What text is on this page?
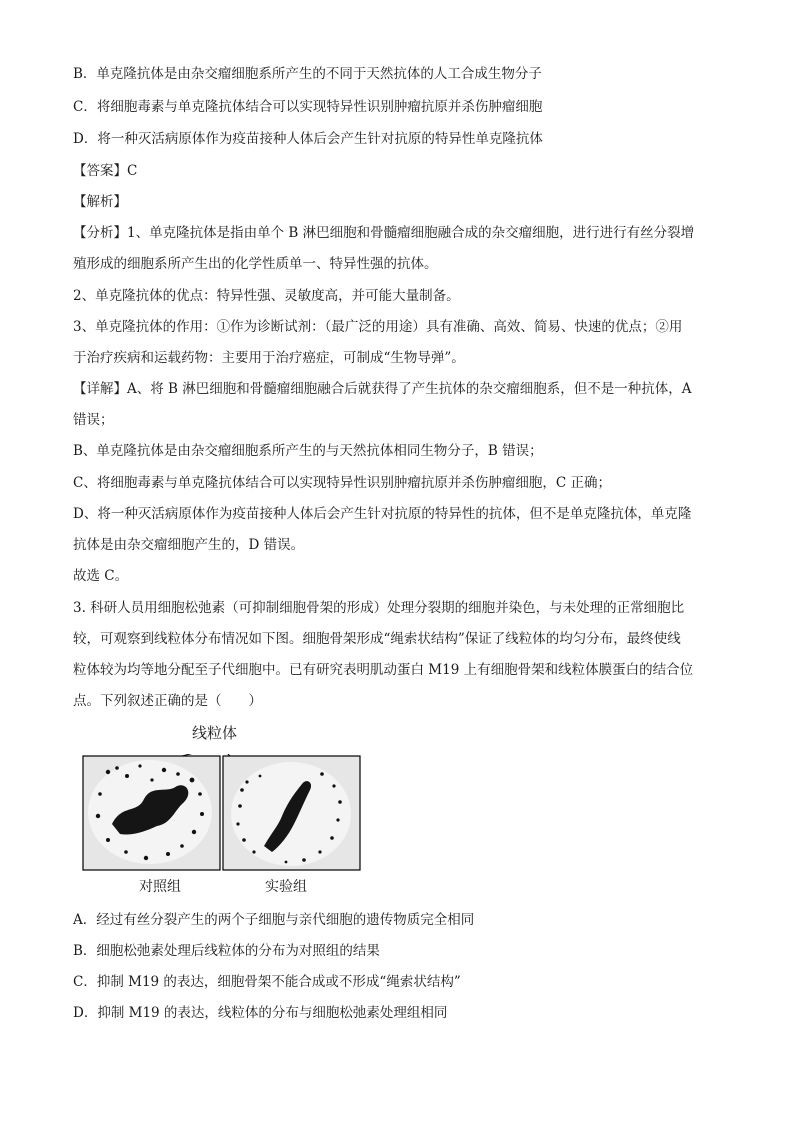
B．单克隆抗体是由杂交瘤细胞系所产生的不同于天然抗体的人工合成生物分子
C．将细胞毒素与单克隆抗体结合可以实现特异性识别肿瘤抗原并杀伤肿瘤细胞
D．将一种灭活病原体作为疫苗接种人体后会产生针对抗原的特异性单克隆抗体
【答案】C
【解析】
【分析】1、单克隆抗体是指由单个 B 淋巴细胞和骨髓瘤细胞融合成的杂交瘤细胞，进行进行有丝分裂增
殖形成的细胞系所产生出的化学性质单一、特异性强的抗体。
2、单克隆抗体的优点：特异性强、灵敏度高，并可能大量制备。
3、单克隆抗体的作用：①作为诊断试剂：（最广泛的用途）具有准确、高效、简易、快速的优点；②用
于治疗疾病和运载药物：主要用于治疗癌症，可制成“生物导弹”。
【详解】A、将 B 淋巴细胞和骨髓瘤细胞融合后就获得了产生抗体的杂交瘤细胞系，但不是一种抗体，A
错误；
B、单克隆抗体是由杂交瘤细胞系所产生的与天然抗体相同生物分子，B 错误；
C、将细胞毒素与单克隆抗体结合可以实现特异性识别肿瘤抗原并杀伤肿瘤细胞，C 正确；
D、将一种灭活病原体作为疫苗接种人体后会产生针对抗原的特异性的抗体，但不是单克隆抗体，单克隆
抗体是由杂交瘤细胞产生的，D 错误。
故选 C。
3. 科研人员用细胞松弛素（可抑制细胞骨架的形成）处理分裂期的细胞并染色，与未处理的正常细胞比
较，可观察到线粒体分布情况如下图。细胞骨架形成“绳索状结构”保证了线粒体的均匀分布，最终使线
粒体较为均等地分配至子代细胞中。已有研究表明肌动蛋白 M19 上有细胞骨架和线粒体膜蛋白的结合位
点。下列叙述正确的是（　　）
线粒体
对照组	实验组
A．经过有丝分裂产生的两个子细胞与亲代细胞的遗传物质完全相同
B．细胞松弛素处理后线粒体的分布为对照组的结果
C．抑制 M19 的表达，细胞骨架不能合成或不形成“绳索状结构”
D．抑制 M19 的表达，线粒体的分布与细胞松弛素处理组相同
